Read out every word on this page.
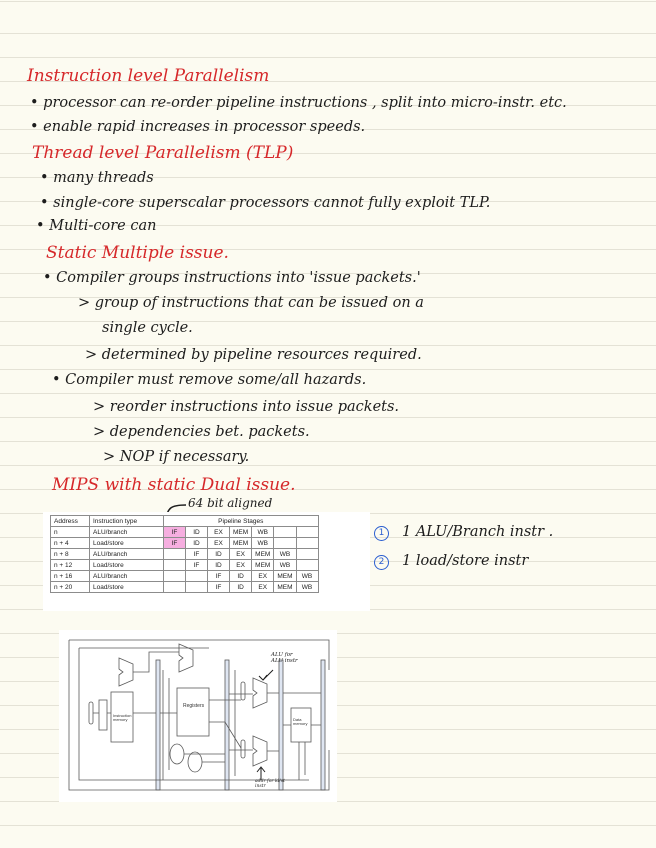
Instruction level Parallelism
• processor can re-order pipeline instructions , split into micro-instr. etc.
• enable rapid increases in processor speeds.
Thread level Parallelism (TLP)
• many threads
• single-core superscalar processors cannot fully exploit TLP.
• Multi-core can
Static Multiple issue.
• Compiler groups instructions into 'issue packets.'
> group of instructions that can be issued on a
single cycle.
> determined by pipeline resources required.
• Compiler must remove some/all hazards.
> reorder instructions into issue packets.
> dependencies bet. packets.
> NOP if necessary.
MIPS with static Dual issue.
64 bit aligned
Address	Instruction type	Pipeline Stages						
n	ALU/branch	IF	ID	EX	MEM	WB		
n + 4	Load/store	IF	ID	EX	MEM	WB		
n + 8	ALU/branch		IF	ID	EX	MEM	WB	
n + 12	Load/store		IF	ID	EX	MEM	WB	
n + 16	ALU/branch			IF	ID	EX	MEM	WB
n + 20	Load/store			IF	ID	EX	MEM	WB
1	1 ALU/Branch instr .
2	1 load/store instr
Registers
Instruction memory	Data memory
ALU for ALU instr
addr for ld/st instr
